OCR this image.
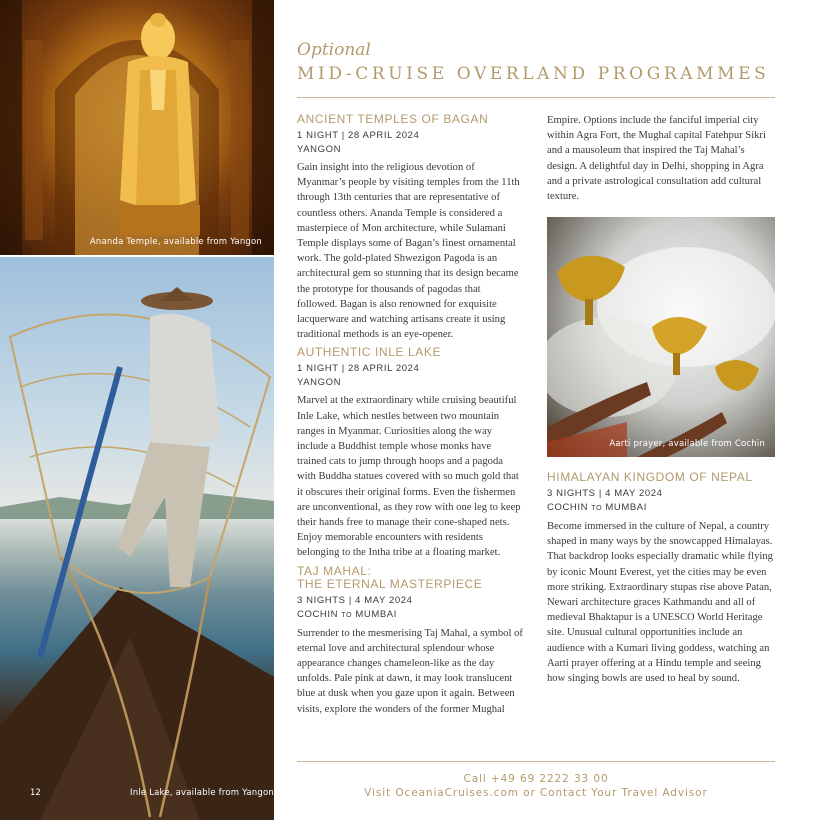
Ananda Temple, available from Yangon
12	Inle Lake, available from Yangon
Optional
MID-CRUISE OVERLAND PROGRAMMES
ANCIENT TEMPLES OF BAGAN
1 NIGHT | 28 APRIL 2024
YANGON

Gain insight into the religious devotion of Myanmar’s people by visiting temples from the 11th through 13th centuries that are representative of countless others. Ananda Temple is considered a masterpiece of Mon architecture, while Sulamani Temple displays some of Bagan’s finest ornamental work. The gold-plated Shwezigon Pagoda is an architectural gem so stunning that its design became the prototype for thousands of pagodas that followed. Bagan is also renowned for exquisite lacquerware and watching artisans create it using traditional methods is an eye-opener.

AUTHENTIC INLE LAKE
1 NIGHT | 28 APRIL 2024
YANGON

Marvel at the extraordinary while cruising beautiful Inle Lake, which nestles between two mountain ranges in Myanmar. Curiosities along the way include a Buddhist temple whose monks have trained cats to jump through hoops and a pagoda with Buddha statues covered with so much gold that it obscures their original forms. Even the fishermen are unconventional, as they row with one leg to keep their hands free to manage their cone-shaped nets. Enjoy memorable encounters with residents belonging to the Intha tribe at a floating market.

TAJ MAHAL:
THE ETERNAL MASTERPIECE
3 NIGHTS | 4 MAY 2024
COCHIN TO MUMBAI

Surrender to the mesmerising Taj Mahal, a symbol of eternal love and architectural splendour whose appearance changes chameleon-like as the day unfolds. Pale pink at dawn, it may look translucent blue at dusk when you gaze upon it again. Between visits, explore the wonders of the former Mughal

Empire. Options include the fanciful imperial city within Agra Fort, the Mughal capital Fatehpur Sikri and a mausoleum that inspired the Taj Mahal’s design. A delightful day in Delhi, shopping in Agra and a private astrological consultation add cultural texture.

Aarti prayer, available from Cochin
HIMALAYAN KINGDOM OF NEPAL
3 NIGHTS | 4 MAY 2024
COCHIN TO MUMBAI

Become immersed in the culture of Nepal, a country shaped in many ways by the snowcapped Himalayas. That backdrop looks especially dramatic while flying by iconic Mount Everest, yet the cities may be even more striking. Extraordinary stupas rise above Patan, Newari architecture graces Kathmandu and all of medieval Bhaktapur is a UNESCO World Heritage site. Unusual cultural opportunities include an audience with a Kumari living goddess, watching an Aarti prayer offering at a Hindu temple and seeing how singing bowls are used to heal by sound.

Call +49 69 2222 33 00
Visit OceaniaCruises.com or Contact Your Travel Advisor
